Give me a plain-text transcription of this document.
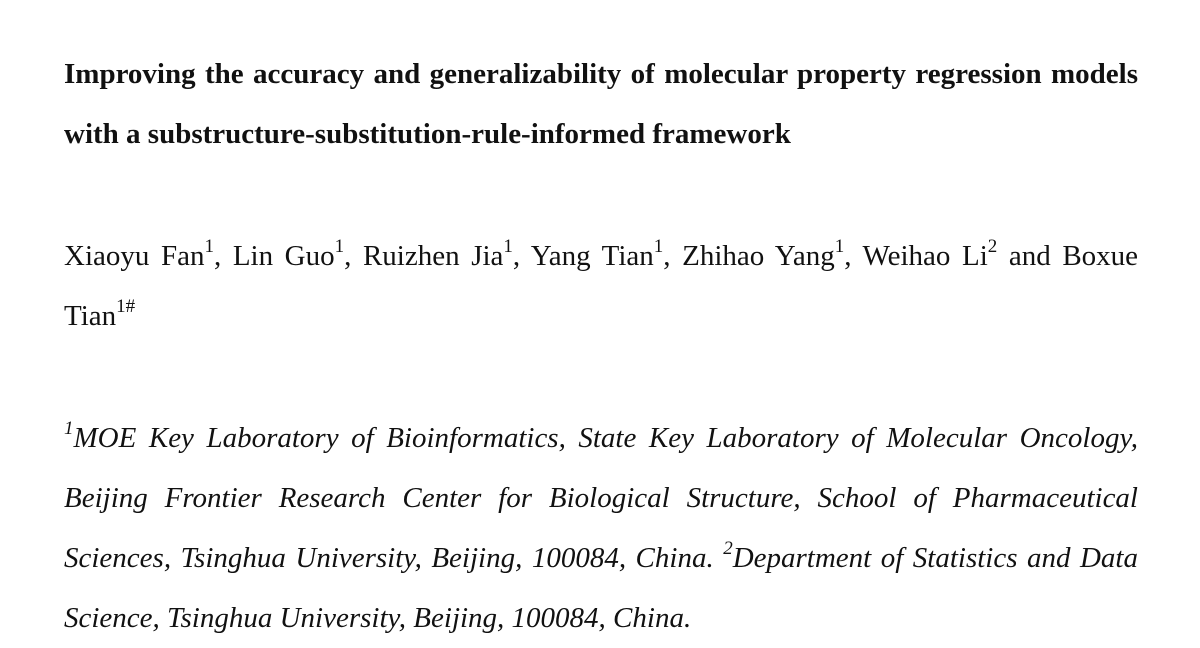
Improving the accuracy and generalizability of molecular property regression models with a substructure-substitution-rule-informed framework

Xiaoyu Fan$^1$, Lin Guo$^1$, Ruizhen Jia$^1$, Yang Tian$^1$, Zhihao Yang$^1$, Weihao Li$^2$ and Boxue Tian$^{1\#}$

$^1$MOE Key Laboratory of Bioinformatics, State Key Laboratory of Molecular Oncology, Beijing Frontier Research Center for Biological Structure, School of Pharmaceutical Sciences, Tsinghua University, Beijing, 100084, China. $^2$Department of Statistics and Data Science, Tsinghua University, Beijing, 100084, China.
